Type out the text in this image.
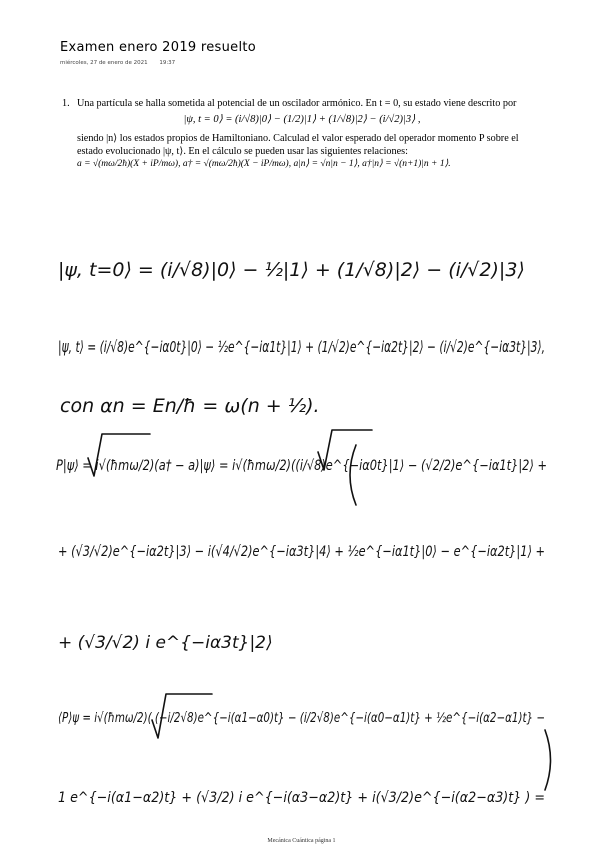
Examen enero 2019 resuelto
miércoles, 27 de enero de 2021 19:37
1. Una partícula se halla sometida al potencial de un oscilador armónico. En t = 0, su estado viene descrito por
|ψ, t = 0⟩ = (i/√8)|0⟩ − (1/2)|1⟩ + (1/√8)|2⟩ − (i/√2)|3⟩ ,
siendo |n⟩ los estados propios de Hamiltoniano. Calculad el valor esperado del operador momento P sobre el estado evolucionado |ψ, t⟩. En el cálculo se pueden usar las siguientes relaciones:
a = √(mω/2ħ)(X + iP/mω), a† = √(mω/2ħ)(X − iP/mω), a|n⟩ = √n|n − 1⟩, a†|n⟩ = √(n+1)|n + 1⟩.
|ψ, t=0⟩ = (i/√8)|0⟩ − ½|1⟩ + (1/√8)|2⟩ − (i/√2)|3⟩
|ψ, t⟩ = (i/√8)e^{−iα0t}|0⟩ − ½e^{−iα1t}|1⟩ + (1/√2)e^{−iα2t}|2⟩ − (i/√2)e^{−iα3t}|3⟩,
con αn = En/ħ = ω(n + ½).
P|ψ⟩ = i√(ħmω/2)(a† − a)|ψ⟩ = i√(ħmω/2)((i/√8)e^{−iα0t}|1⟩ − (√2/2)e^{−iα1t}|2⟩ +
+ (√3/√2)e^{−iα2t}|3⟩ − i(√4/√2)e^{−iα3t}|4⟩ + ½e^{−iα1t}|0⟩ − e^{−iα2t}|1⟩ +
+ (√3/√2) i e^{−iα3t}|2⟩
⟨P⟩ψ = i√(ħmω/2)( (−i/2√8)e^{−i(α1−α0)t} − (i/2√8)e^{−i(α0−α1)t} + ½e^{−i(α2−α1)t} −
1 e^{−i(α1−α2)t} + (√3/2) i e^{−i(α3−α2)t} + i(√3/2)e^{−i(α2−α3)t} ) =
Mecánica Cuántica página 1
